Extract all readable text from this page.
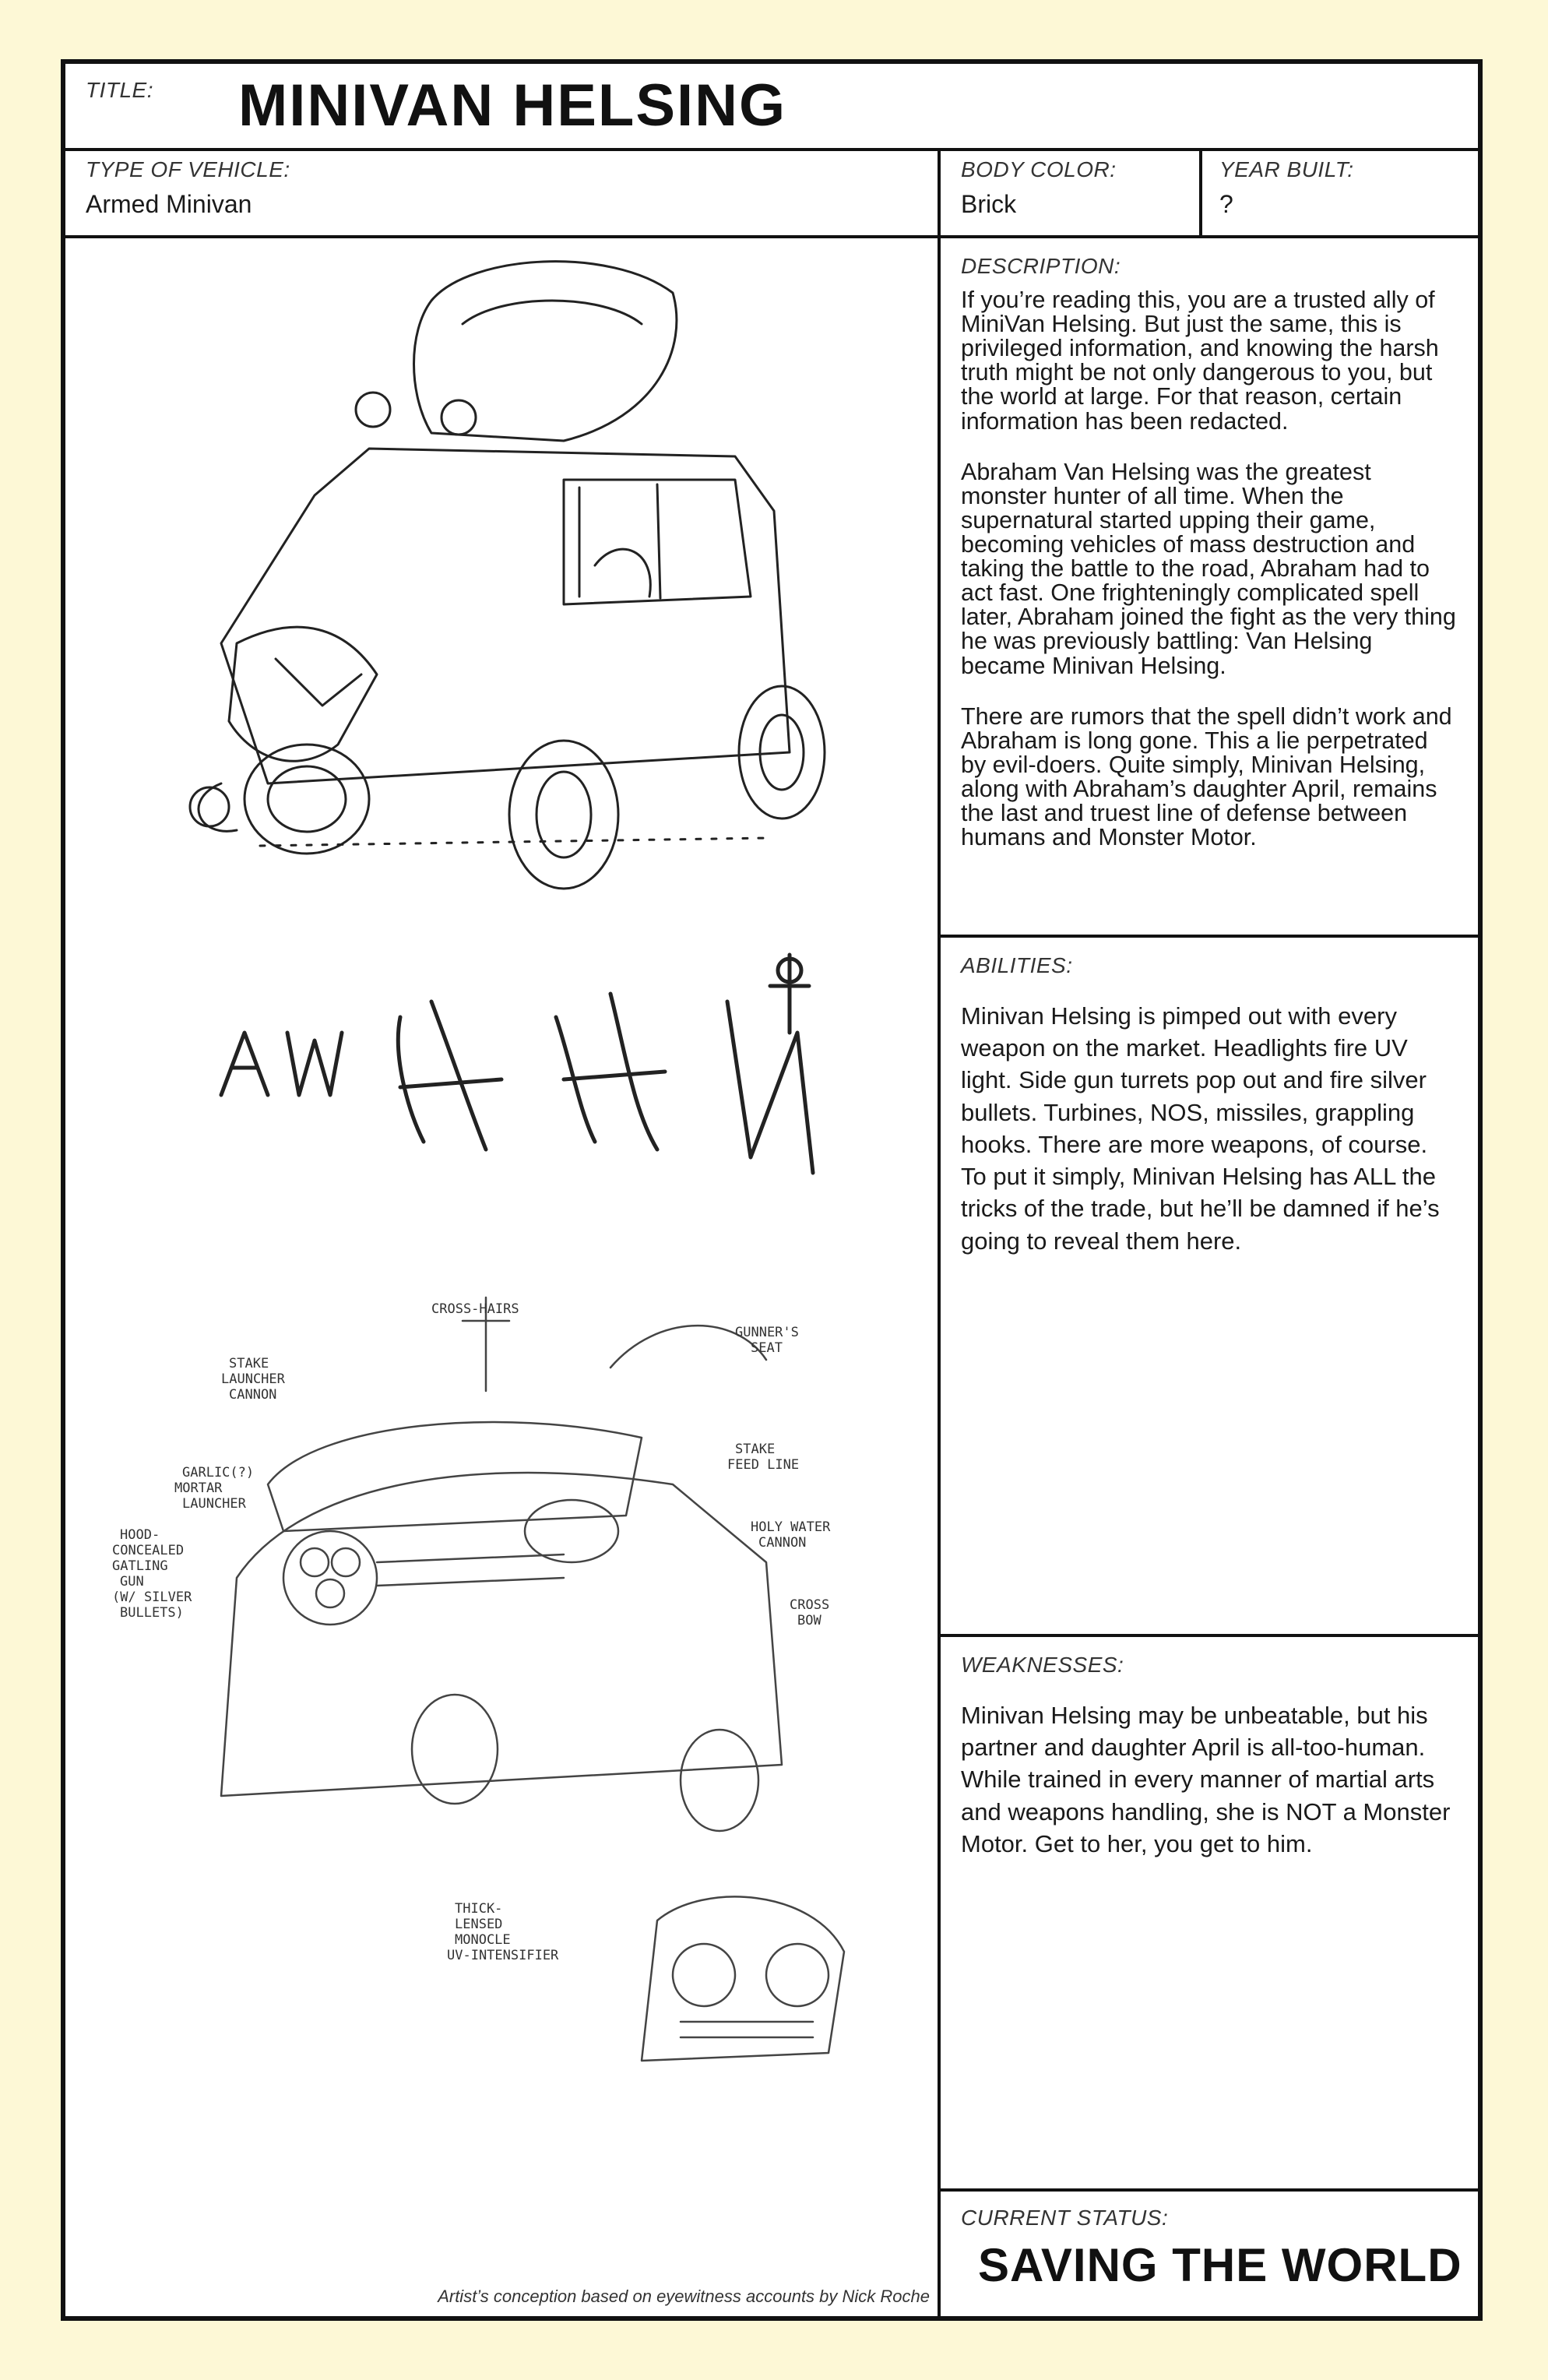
TITLE: MINIVAN HELSING
TYPE OF VEHICLE:
Armed Minivan
BODY COLOR:
Brick
YEAR BUILT:
?
CROSS-HAIRS
GUNNER'S
SEAT
STAKE
LAUNCHER
CANNON
STAKE
FEED LINE
GARLIC(?)
MORTAR
LAUNCHER
HOLY WATER
CANNON
HOOD-
CONCEALED
GATLING
GUN
(W/ SILVER
BULLETS)	CROSS
BOW
THICK-
LENSED
MONOCLE
UV-INTENSIFIER
Artist’s conception based on eyewitness accounts by Nick Roche
DESCRIPTION:

If you’re reading this, you are a trusted ally of MiniVan Helsing. But just the same, this is privileged information, and knowing the harsh truth might be not only dangerous to you, but the world at large. For that reason, certain information has been redacted.

Abraham Van Helsing was the greatest monster hunter of all time. When the supernatural started upping their game, becoming vehicles of mass destruction and taking the battle to the road, Abraham had to act fast. One frighteningly complicated spell later, Abraham joined the fight as the very thing he was previously battling: Van Helsing became Minivan Helsing.

There are rumors that the spell didn’t work and Abraham is long gone. This a lie perpetrated by evil-doers. Quite simply, Minivan Helsing, along with Abraham’s daughter April, remains the last and truest line of defense between humans and Monster Motor.

ABILITIES:

Minivan Helsing is pimped out with every weapon on the market. Headlights fire UV light. Side gun turrets pop out and fire silver bullets. Turbines, NOS, missiles, grappling hooks. There are more weapons, of course. To put it simply, Minivan Helsing has ALL the tricks of the trade, but he’ll be damned if he’s going to reveal them here.

WEAKNESSES:

Minivan Helsing may be unbeatable, but his partner and daughter April is all-too-human. While trained in every manner of martial arts and weapons handling, she is NOT a Monster Motor. Get to her, you get to him.

CURRENT STATUS:
SAVING THE WORLD
